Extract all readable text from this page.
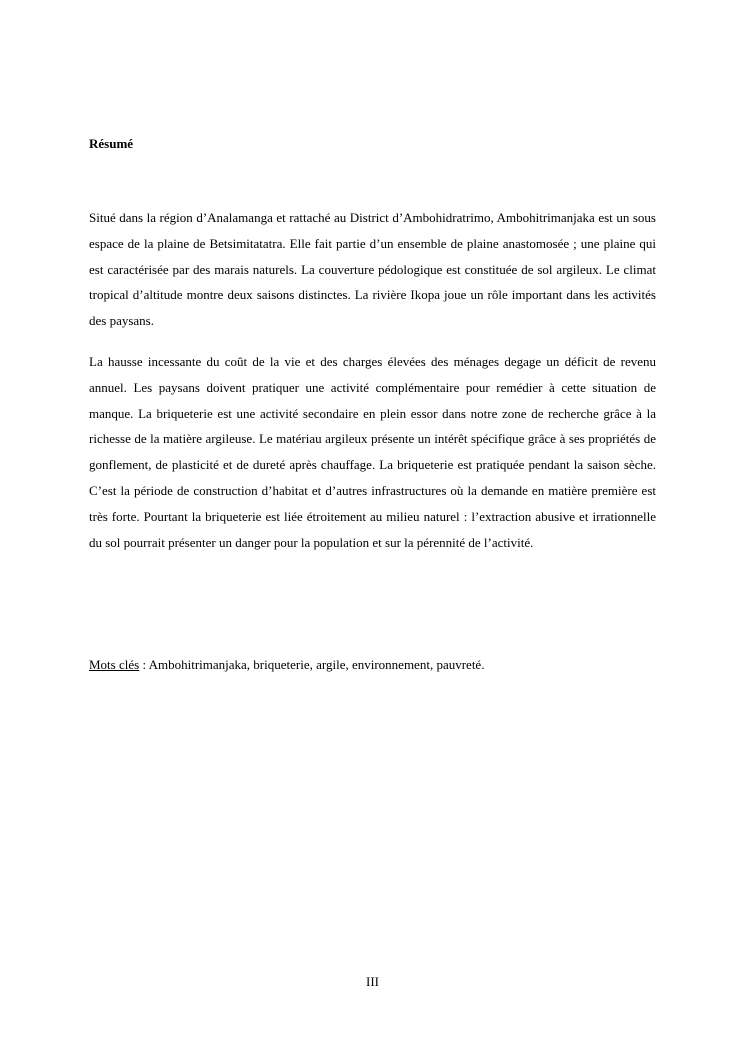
Résumé

Situé dans la région d’Analamanga et rattaché au District d’Ambohidratrimo, Ambohitrimanjaka est un sous espace de la plaine de Betsimitatatra. Elle fait partie d’un ensemble de plaine anastomosée ; une plaine qui est caractérisée par des marais naturels. La couverture pédologique est constituée de sol argileux. Le climat tropical d’altitude montre deux saisons distinctes. La rivière Ikopa joue un rôle important dans les activités des paysans.

La hausse incessante du coût de la vie et des charges élevées des ménages degage un déficit de revenu annuel. Les paysans doivent pratiquer une activité complémentaire pour remédier à cette situation de manque. La briqueterie est une activité secondaire en plein essor dans notre zone de recherche grâce à la richesse de la matière argileuse. Le matériau argileux présente un intérêt spécifique grâce à ses propriétés de gonflement, de plasticité et de dureté après chauffage. La briqueterie est pratiquée pendant la saison sèche. C’est la période de construction d’habitat et d’autres infrastructures où la demande en matière première est très forte. Pourtant la briqueterie est liée étroitement au milieu naturel : l’extraction abusive et irrationnelle du sol pourrait présenter un danger pour la population et sur la pérennité de l’activité.

Mots clés : Ambohitrimanjaka, briqueterie, argile, environnement, pauvreté.

III
